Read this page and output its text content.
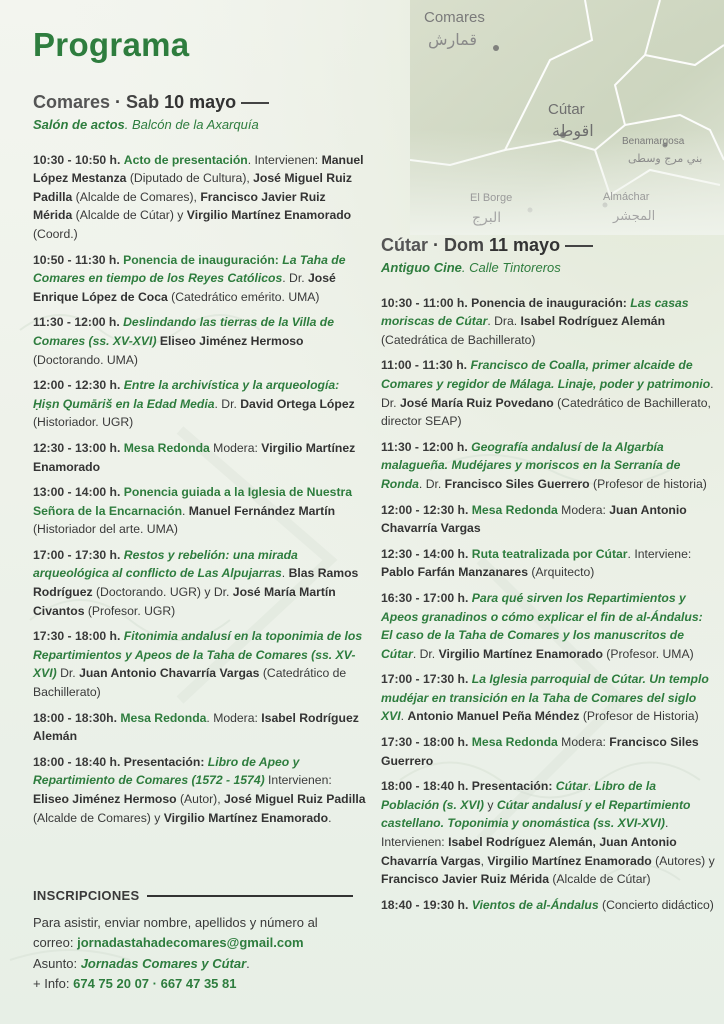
Comares
قمارش
Cútar
اقوطة
Benamargosa
بني مرج وسطى
El Borge
البرج
Almáchar
المجشر
Programa
Comares · Sab 10 mayo
Salón de actos. Balcón de la Axarquía
10:30 - 10:50 h. Acto de presentación. Intervienen: Manuel López Mestanza (Diputado de Cultura), José Miguel Ruiz Padilla (Alcalde de Comares), Francisco Javier Ruiz Mérida (Alcalde de Cútar) y Virgilio Martínez Enamorado (Coord.)
10:50 - 11:30 h. Ponencia de inauguración: La Taha de Comares en tiempo de los Reyes Católicos. Dr. José Enrique López de Coca (Catedrático emérito. UMA)
11:30 - 12:00 h. Deslindando las tierras de la Villa de Comares (ss. XV-XVI) Eliseo Jiménez Hermoso (Doctorando. UMA)
12:00 - 12:30 h. Entre la archivística y la arqueología: Ḥiṣn Qumāriš en la Edad Media. Dr. David Ortega López (Historiador. UGR)
12:30 - 13:00 h. Mesa Redonda Modera: Virgilio Martínez Enamorado
13:00 - 14:00 h. Ponencia guiada a la Iglesia de Nuestra Señora de la Encarnación. Manuel Fernández Martín (Historiador del arte. UMA)
17:00 - 17:30 h. Restos y rebelión: una mirada arqueológica al conflicto de Las Alpujarras. Blas Ramos Rodríguez (Doctorando. UGR) y Dr. José María Martín Civantos (Profesor. UGR)
17:30 - 18:00 h. Fitonimia andalusí en la toponimia de los Repartimientos y Apeos de la Taha de Comares (ss. XV-XVI) Dr. Juan Antonio Chavarría Vargas (Catedrático de Bachillerato)
18:00 - 18:30h. Mesa Redonda. Modera: Isabel Rodríguez Alemán
18:00 - 18:40 h. Presentación: Libro de Apeo y Repartimiento de Comares (1572 - 1574) Intervienen: Eliseo Jiménez Hermoso (Autor), José Miguel Ruiz Padilla (Alcalde de Comares) y Virgilio Martínez Enamorado.
Cútar · Dom 11 mayo
Antiguo Cine. Calle Tintoreros
10:30 - 11:00 h. Ponencia de inauguración: Las casas moriscas de Cútar. Dra. Isabel Rodríguez Alemán (Catedrática de Bachillerato)
11:00 - 11:30 h. Francisco de Coalla, primer alcaide de Comares y regidor de Málaga. Linaje, poder y patrimonio. Dr. José María Ruiz Povedano (Catedrático de Bachillerato, director SEAP)
11:30 - 12:00 h. Geografía andalusí de la Algarbía malagueña. Mudéjares y moriscos en la Serranía de Ronda. Dr. Francisco Siles Guerrero (Profesor de historia)
12:00 - 12:30 h. Mesa Redonda Modera: Juan Antonio Chavarría Vargas
12:30 - 14:00 h. Ruta teatralizada por Cútar. Interviene: Pablo Farfán Manzanares (Arquitecto)
16:30 - 17:00 h. Para qué sirven los Repartimientos y Apeos granadinos o cómo explicar el fin de al-Ándalus: El caso de la Taha de Comares y los manuscritos de Cútar. Dr. Virgilio Martínez Enamorado (Profesor. UMA)
17:00 - 17:30 h. La Iglesia parroquial de Cútar. Un templo mudéjar en transición en la Taha de Comares del siglo XVI. Antonio Manuel Peña Méndez (Profesor de Historia)
17:30 - 18:00 h. Mesa Redonda Modera: Francisco Siles Guerrero
18:00 - 18:40 h. Presentación: Cútar. Libro de la Población (s. XVI) y Cútar andalusí y el Repartimiento castellano. Toponimia y onomástica (ss. XVI-XVI). Intervienen: Isabel Rodríguez Alemán, Juan Antonio Chavarría Vargas, Virgilio Martínez Enamorado (Autores) y Francisco Javier Ruiz Mérida (Alcalde de Cútar)
18:40 - 19:30 h. Vientos de al-Ándalus (Concierto didáctico)
INSCRIPCIONES

Para asistir, enviar nombre, apellidos y número al correo: jornadastahadecomares@gmail.com

Asunto: Jornadas Comares y Cútar.

+ Info: 674 75 20 07 · 667 47 35 81
